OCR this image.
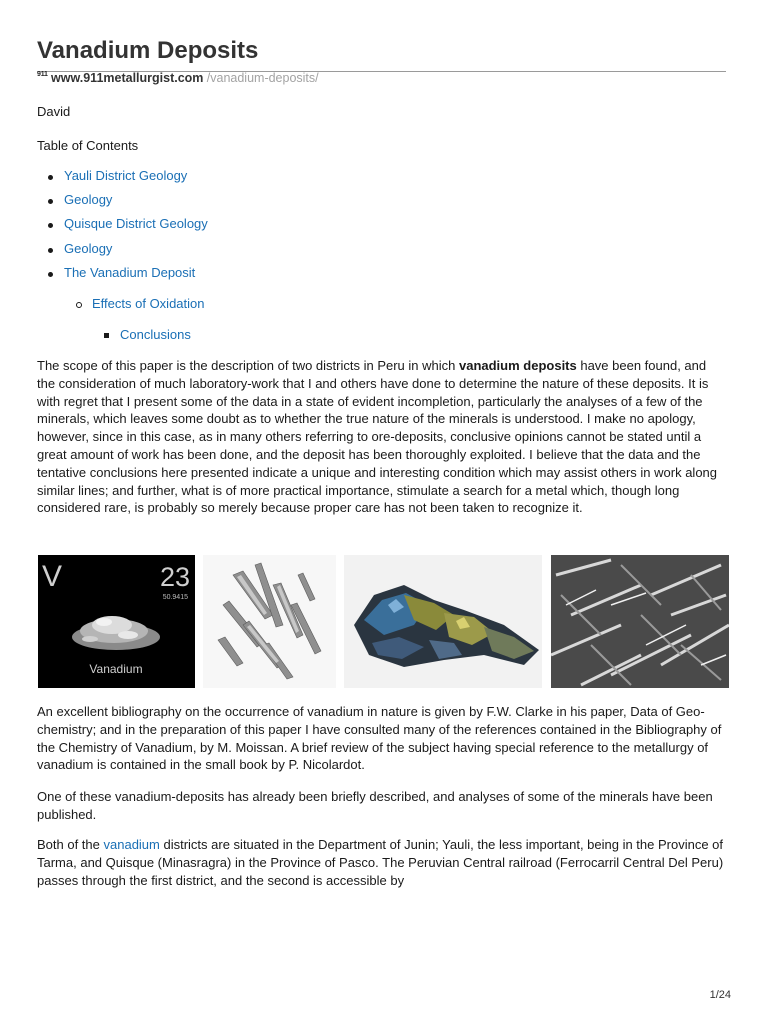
Vanadium Deposits
$^{911}$ www.911metallurgist.com /vanadium-deposits/

David

Table of Contents

Yauli District Geology
Geology
Quisque District Geology
Geology
The Vanadium Deposit
Effects of Oxidation
Conclusions

The scope of this paper is the description of two districts in Peru in which vanadium deposits have been found, and the consideration of much laboratory-work that I and others have done to determine the nature of these deposits. It is with regret that I present some of the data in a state of evident incompletion, particularly the analyses of a few of the minerals, which leaves some doubt as to whether the true nature of the minerals is understood. I make no apology, however, since in this case, as in many others referring to ore-deposits, conclusive opinions cannot be stated until a great amount of work has been done, and the deposit has been thoroughly exploited. I believe that the data and the tentative conclusions here presented indicate a unique and interesting condition which may assist others in work along similar lines; and further, what is of more practical importance, stimulate a search for a metal which, though long considered rare, is probably so merely because proper care has not been taken to recognize it.

V	23
50.9415
Vanadium

An excellent bibliography on the occurrence of vanadium in nature is given by F.W. Clarke in his paper, Data of Geo-chemistry; and in the preparation of this paper I have consulted many of the references contained in the Bibliography of the Chemistry of Vanadium, by M. Moissan. A brief review of the subject having special reference to the metallurgy of vanadium is contained in the small book by P. Nicolardot.

One of these vanadium-deposits has already been briefly described, and analyses of some of the minerals have been published.

Both of the vanadium districts are situated in the Department of Junin; Yauli, the less important, being in the Province of Tarma, and Quisque (Minasragra) in the Province of Pasco. The Peruvian Central railroad (Ferrocarril Central Del Peru) passes through the first district, and the second is accessible by

1/24
